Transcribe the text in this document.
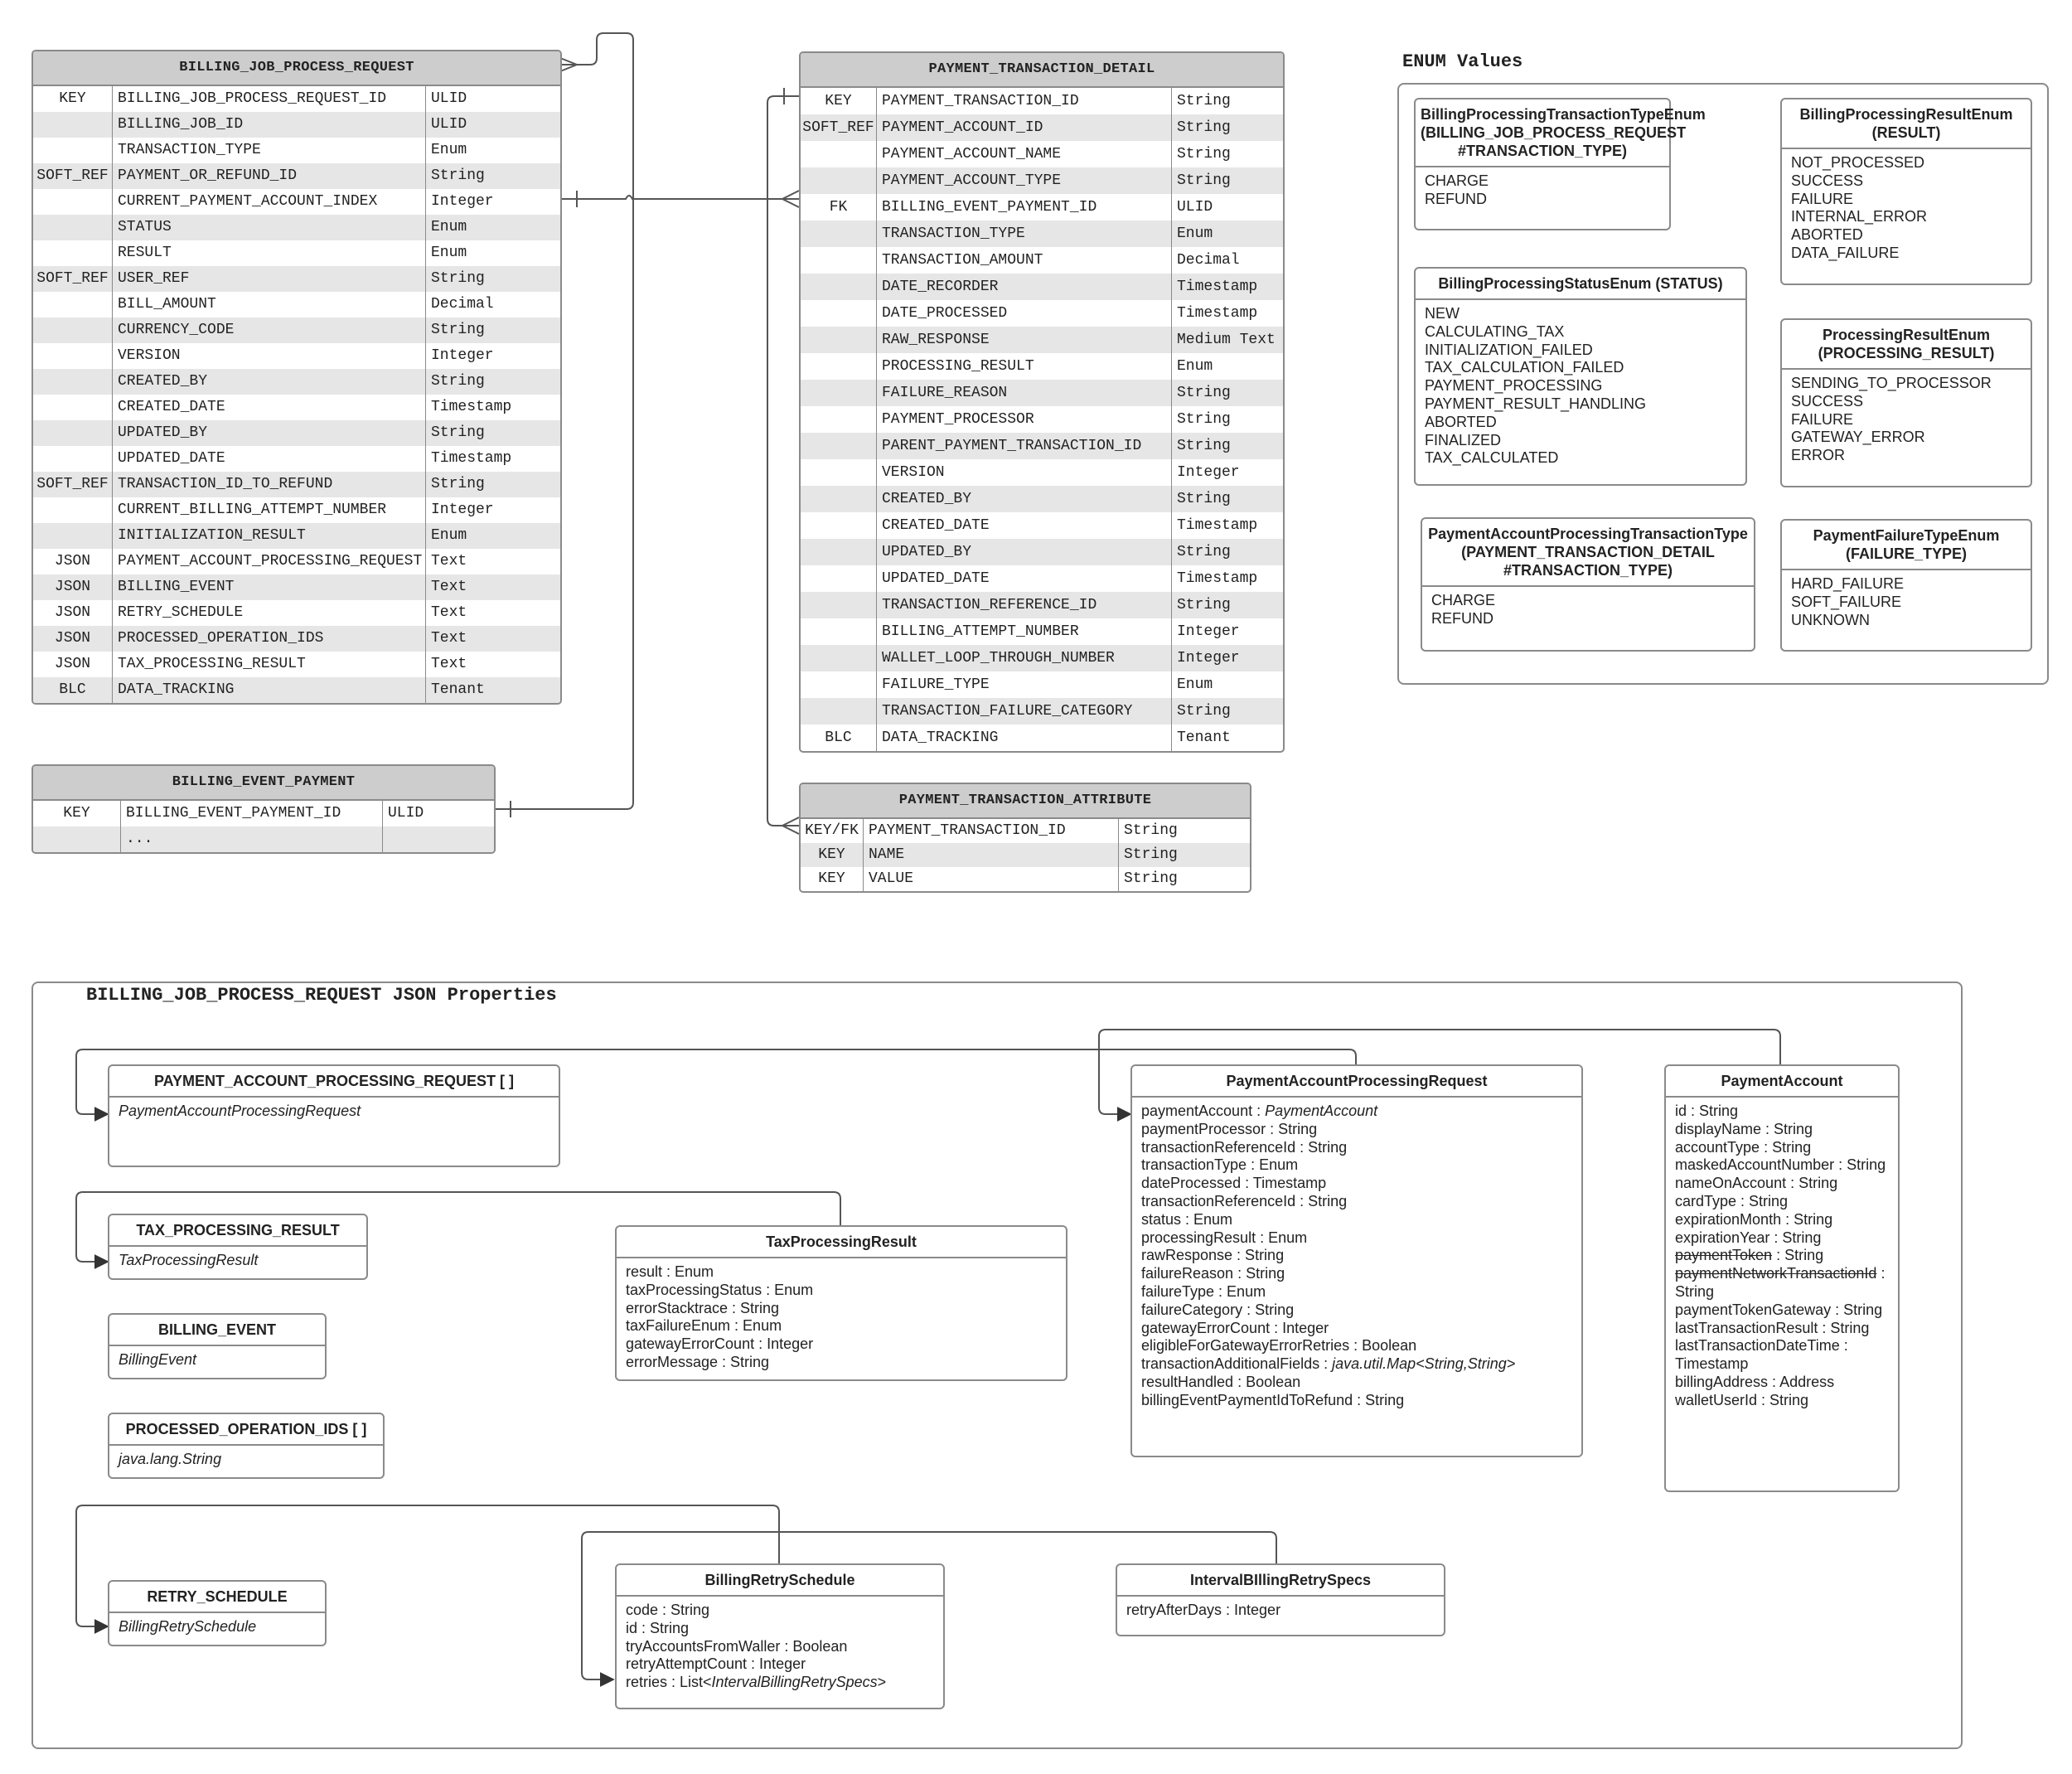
BILLING_JOB_PROCESS_REQUEST
KEY	BILLING_JOB_PROCESS_REQUEST_ID	ULID
BILLING_JOB_ID	ULID
TRANSACTION_TYPE	Enum
SOFT_REF PAYMENT_OR_REFUND_ID	String
CURRENT_PAYMENT_ACCOUNT_INDEX	Integer
STATUS	Enum
RESULT	Enum
SOFT_REF USER_REF	String
BILL_AMOUNT	Decimal
CURRENCY_CODE	String
VERSION	Integer
CREATED_BY	String
CREATED_DATE	Timestamp
UPDATED_BY	String
UPDATED_DATE	Timestamp
SOFT_REF TRANSACTION_ID_TO_REFUND	String
CURRENT_BILLING_ATTEMPT_NUMBER	Integer
INITIALIZATION_RESULT	Enum
JSON	PAYMENT_ACCOUNT_PROCESSING_REQUEST Text
JSON	BILLING_EVENT	Text
JSON	RETRY_SCHEDULE	Text
JSON	PROCESSED_OPERATION_IDS	Text
JSON	TAX_PROCESSING_RESULT	Text
BLC	DATA_TRACKING	Tenant
BILLING_EVENT_PAYMENT
KEY	BILLING_EVENT_PAYMENT_ID	ULID
...
PAYMENT_TRANSACTION_DETAIL
KEY	PAYMENT_TRANSACTION_ID	String
SOFT_REF PAYMENT_ACCOUNT_ID	String
PAYMENT_ACCOUNT_NAME	String
PAYMENT_ACCOUNT_TYPE	String
FK	BILLING_EVENT_PAYMENT_ID	ULID
TRANSACTION_TYPE	Enum
TRANSACTION_AMOUNT	Decimal
DATE_RECORDER	Timestamp
DATE_PROCESSED	Timestamp
RAW_RESPONSE	Medium Text
PROCESSING_RESULT	Enum
FAILURE_REASON	String
PAYMENT_PROCESSOR	String
PARENT_PAYMENT_TRANSACTION_ID	String
VERSION	Integer
CREATED_BY	String
CREATED_DATE	Timestamp
UPDATED_BY	String
UPDATED_DATE	Timestamp
TRANSACTION_REFERENCE_ID	String
BILLING_ATTEMPT_NUMBER	Integer
WALLET_LOOP_THROUGH_NUMBER	Integer
FAILURE_TYPE	Enum
TRANSACTION_FAILURE_CATEGORY	String
BLC	DATA_TRACKING	Tenant
PAYMENT_TRANSACTION_ATTRIBUTE
KEY/FK PAYMENT_TRANSACTION_ID	String
KEY	NAME	String
KEY	VALUE	String
ENUM Values
BillingProcessingTransactionTypeEnum (BILLING_JOB_PROCESS_REQUEST #TRANSACTION_TYPE)
CHARGE
REFUND
BillingProcessingResultEnum (RESULT)
NOT_PROCESSED
SUCCESS
FAILURE
INTERNAL_ERROR
ABORTED
DATA_FAILURE
BillingProcessingStatusEnum (STATUS)
NEW
CALCULATING_TAX
INITIALIZATION_FAILED
TAX_CALCULATION_FAILED
PAYMENT_PROCESSING
PAYMENT_RESULT_HANDLING
ABORTED
FINALIZED
TAX_CALCULATED
ProcessingResultEnum (PROCESSING_RESULT)
SENDING_TO_PROCESSOR
SUCCESS
FAILURE
GATEWAY_ERROR
ERROR
PaymentAccountProcessingTransactionType (PAYMENT_TRANSACTION_DETAIL #TRANSACTION_TYPE)
CHARGE
REFUND
PaymentFailureTypeEnum (FAILURE_TYPE)
HARD_FAILURE
SOFT_FAILURE
UNKNOWN
BILLING_JOB_PROCESS_REQUEST JSON Properties
PAYMENT_ACCOUNT_PROCESSING_REQUEST [ ]
PaymentAccountProcessingRequest
TAX_PROCESSING_RESULT
TaxProcessingResult
BILLING_EVENT
BillingEvent
PROCESSED_OPERATION_IDS [ ]
java.lang.String
RETRY_SCHEDULE
BillingRetrySchedule
TaxProcessingResult
result : Enum
taxProcessingStatus : Enum
errorStacktrace : String
taxFailureEnum : Enum
gatewayErrorCount : Integer
errorMessage : String
PaymentAccountProcessingRequest
paymentAccount : PaymentAccount
paymentProcessor : String
transactionReferenceId : String
transactionType : Enum
dateProcessed : Timestamp
transactionReferenceId : String
status : Enum
processingResult : Enum
rawResponse : String
failureReason : String
failureType : Enum
failureCategory : String
gatewayErrorCount : Integer
eligibleForGatewayErrorRetries : Boolean
transactionAdditionalFields : java.util.Map<String,String>
resultHandled : Boolean
billingEventPaymentIdToRefund : String
PaymentAccount
id : String
displayName : String
accountType : String
maskedAccountNumber : String
nameOnAccount : String
cardType : String
expirationMonth : String
expirationYear : String
paymentToken : String
paymentNetworkTransactionId : String
paymentTokenGateway : String
lastTransactionResult : String
lastTransactionDateTime : Timestamp
billingAddress : Address
walletUserId : String
BillingRetrySchedule
code : String
id : String
tryAccountsFromWaller : Boolean
retryAttemptCount : Integer
retries : List<IntervalBillingRetrySpecs>
IntervalBIllingRetrySpecs
retryAfterDays : Integer
